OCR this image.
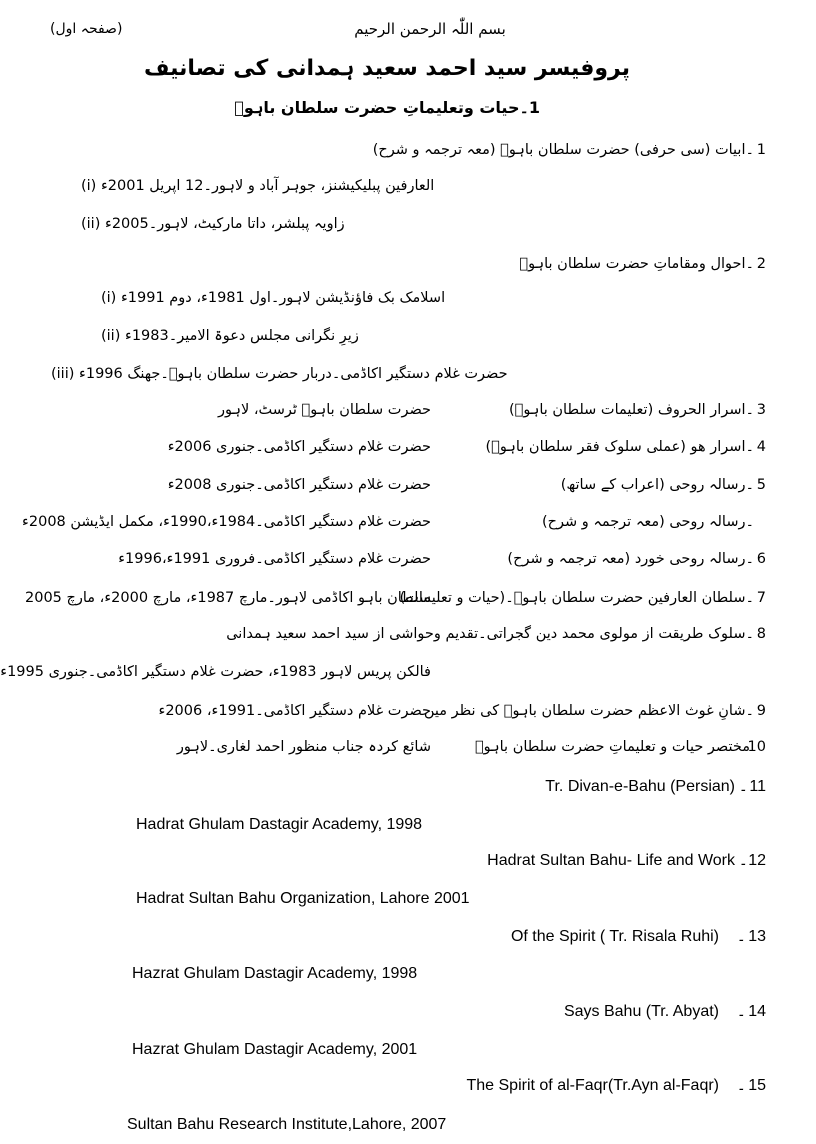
بسم اللّٰہ الرحمن الرحیم
(صفحہ اول)
پروفیسر سید احمد سعید ہمدانی کی تصانیف
1۔حیات وتعلیماتِ حضرت سلطان باہوؒ
1
۔ابیات (سی حرفی) حضرت سلطان باہوؒ (معہ ترجمہ و شرح)
(i) العارفین پبلیکیشنز، جوہر آباد و لاہور۔12 اپریل 2001ء
(ii) زاویہ پبلشر، داتا مارکیٹ، لاہور۔2005ء
2
۔احوال ومقاماتِ حضرت سلطان باہوؒ
(i) اسلامک بک فاؤنڈیشن لاہور۔اول 1981ء، دوم 1991ء
(ii) زیرِ نگرانی مجلس دعوۃ الامیر۔1983ء
(iii) حضرت غلام دستگیر اکاڈمی۔دربار حضرت سلطان باہوؒ۔جھنگ 1996ء
3
۔اسرار الحروف (تعلیمات سلطان باہوؒ)
حضرت سلطان باہوؒ ٹرسٹ، لاہور
4
۔اسرار ھو (عملی سلوک فقر سلطان باہوؒ)
حضرت غلام دستگیر اکاڈمی۔جنوری 2006ء
5
۔رسالہ روحی (اعراب کے ساتھ)
حضرت غلام دستگیر اکاڈمی۔جنوری 2008ء
۔رسالہ روحی (معہ ترجمہ و شرح)
حضرت غلام دستگیر اکاڈمی۔1984ء،1990ء، مکمل ایڈیشن 2008ء
6
۔رسالہ روحی خورد (معہ ترجمہ و شرح)
حضرت غلام دستگیر اکاڈمی۔فروری 1991ء،1996ء
7
۔سلطان العارفین حضرت سلطان باہوؒ۔(حیات و تعلیمات)
سلطان باہو اکاڈمی لاہور۔مارچ 1987ء، مارچ 2000ء، مارچ 2005
8
۔سلوک طریقت از مولوی محمد دین گجراتی۔تقدیم وحواشی از سید احمد سعید ہمدانی
فالکن پریس لاہور 1983ء، حضرت غلام دستگیر اکاڈمی۔جنوری 1995ء
9
۔شانِ غوث الاعظم حضرت سلطان باہوؒ کی نظر میں
حضرت غلام دستگیر اکاڈمی۔1991ء، 2006ء
10
مختصر حیات و تعلیماتِ حضرت سلطان باہوؒ
شائع کردہ جناب منظور احمد لغاری۔لاہور
11
۔
Tr. Divan-e-Bahu (Persian)
Hadrat Ghulam Dastagir Academy, 1998
12
۔
Hadrat Sultan Bahu- Life and Work
Hadrat Sultan Bahu Organization, Lahore 2001
13
۔
Of the Spirit ( Tr. Risala Ruhi)
Hazrat Ghulam Dastagir Academy, 1998
14
۔
Says Bahu (Tr. Abyat)
Hazrat Ghulam Dastagir Academy, 2001
15
۔
The Spirit of al-Faqr(Tr.Ayn al-Faqr)
Sultan Bahu Research Institute,Lahore, 2007
